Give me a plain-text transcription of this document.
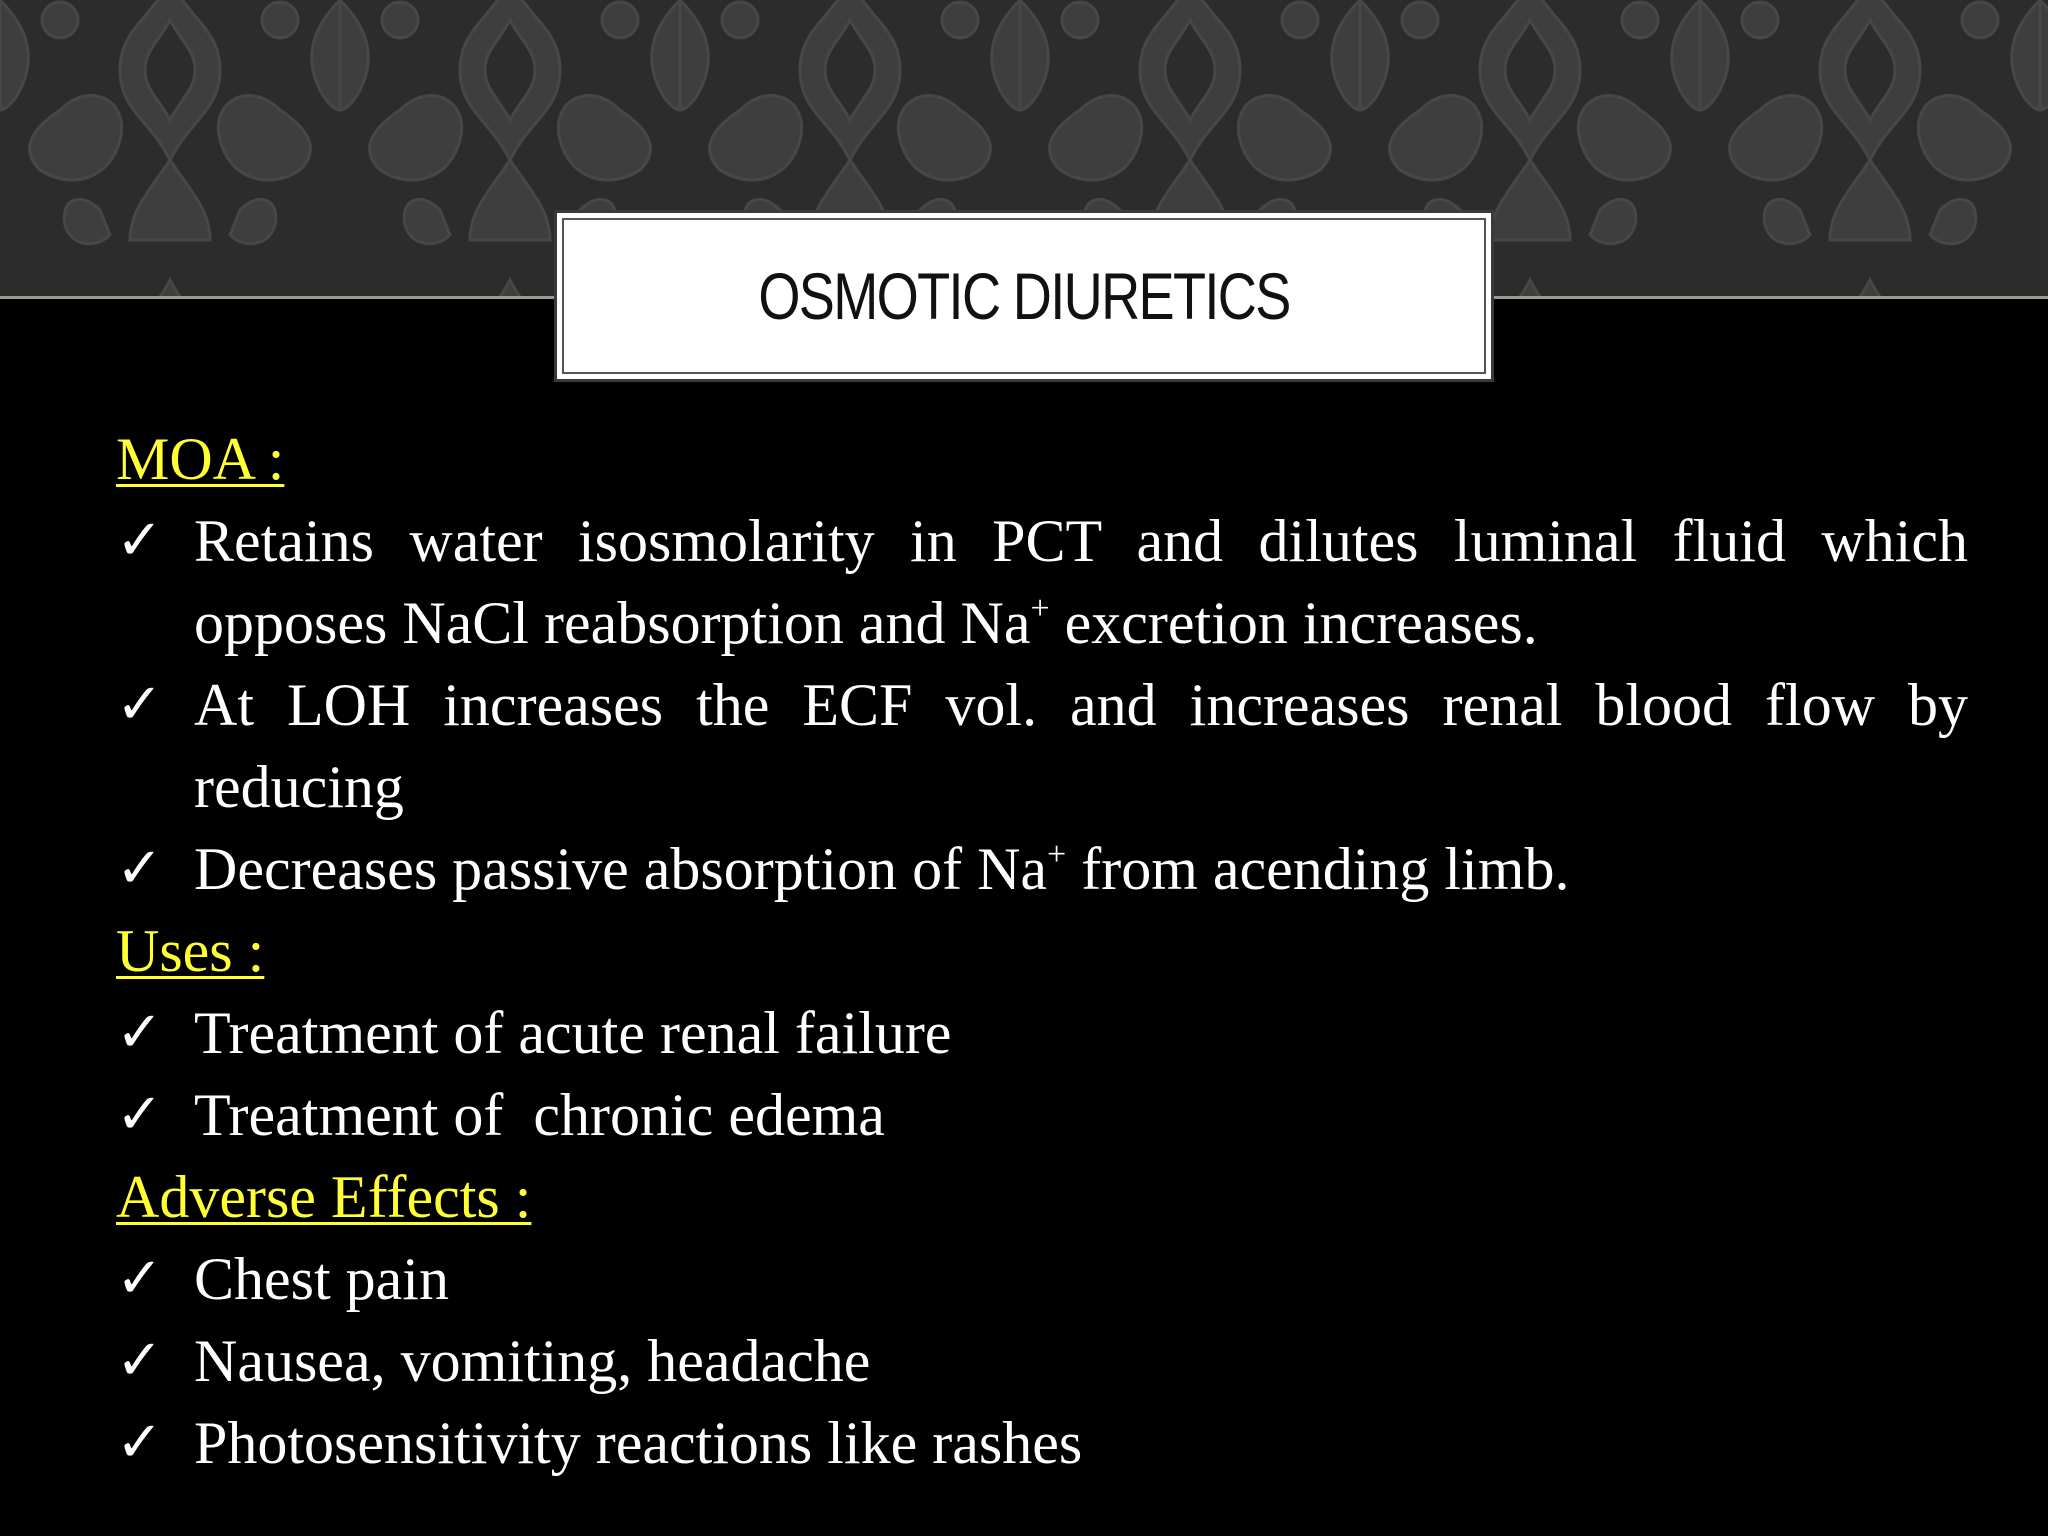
OSMOTIC DIURETICS
MOA :
✓ Retains water isosmolarity in PCT and dilutes luminal fluid which opposes NaCl reabsorption and Na+ excretion increases.
✓ At LOH increases the ECF vol. and increases renal blood flow by reducing
✓ Decreases passive absorption of Na+ from acending limb.
Uses :
✓ Treatment of acute renal failure
✓ Treatment of  chronic edema
Adverse Effects :
✓ Chest pain
✓ Nausea, vomiting, headache
✓ Photosensitivity reactions like rashes
